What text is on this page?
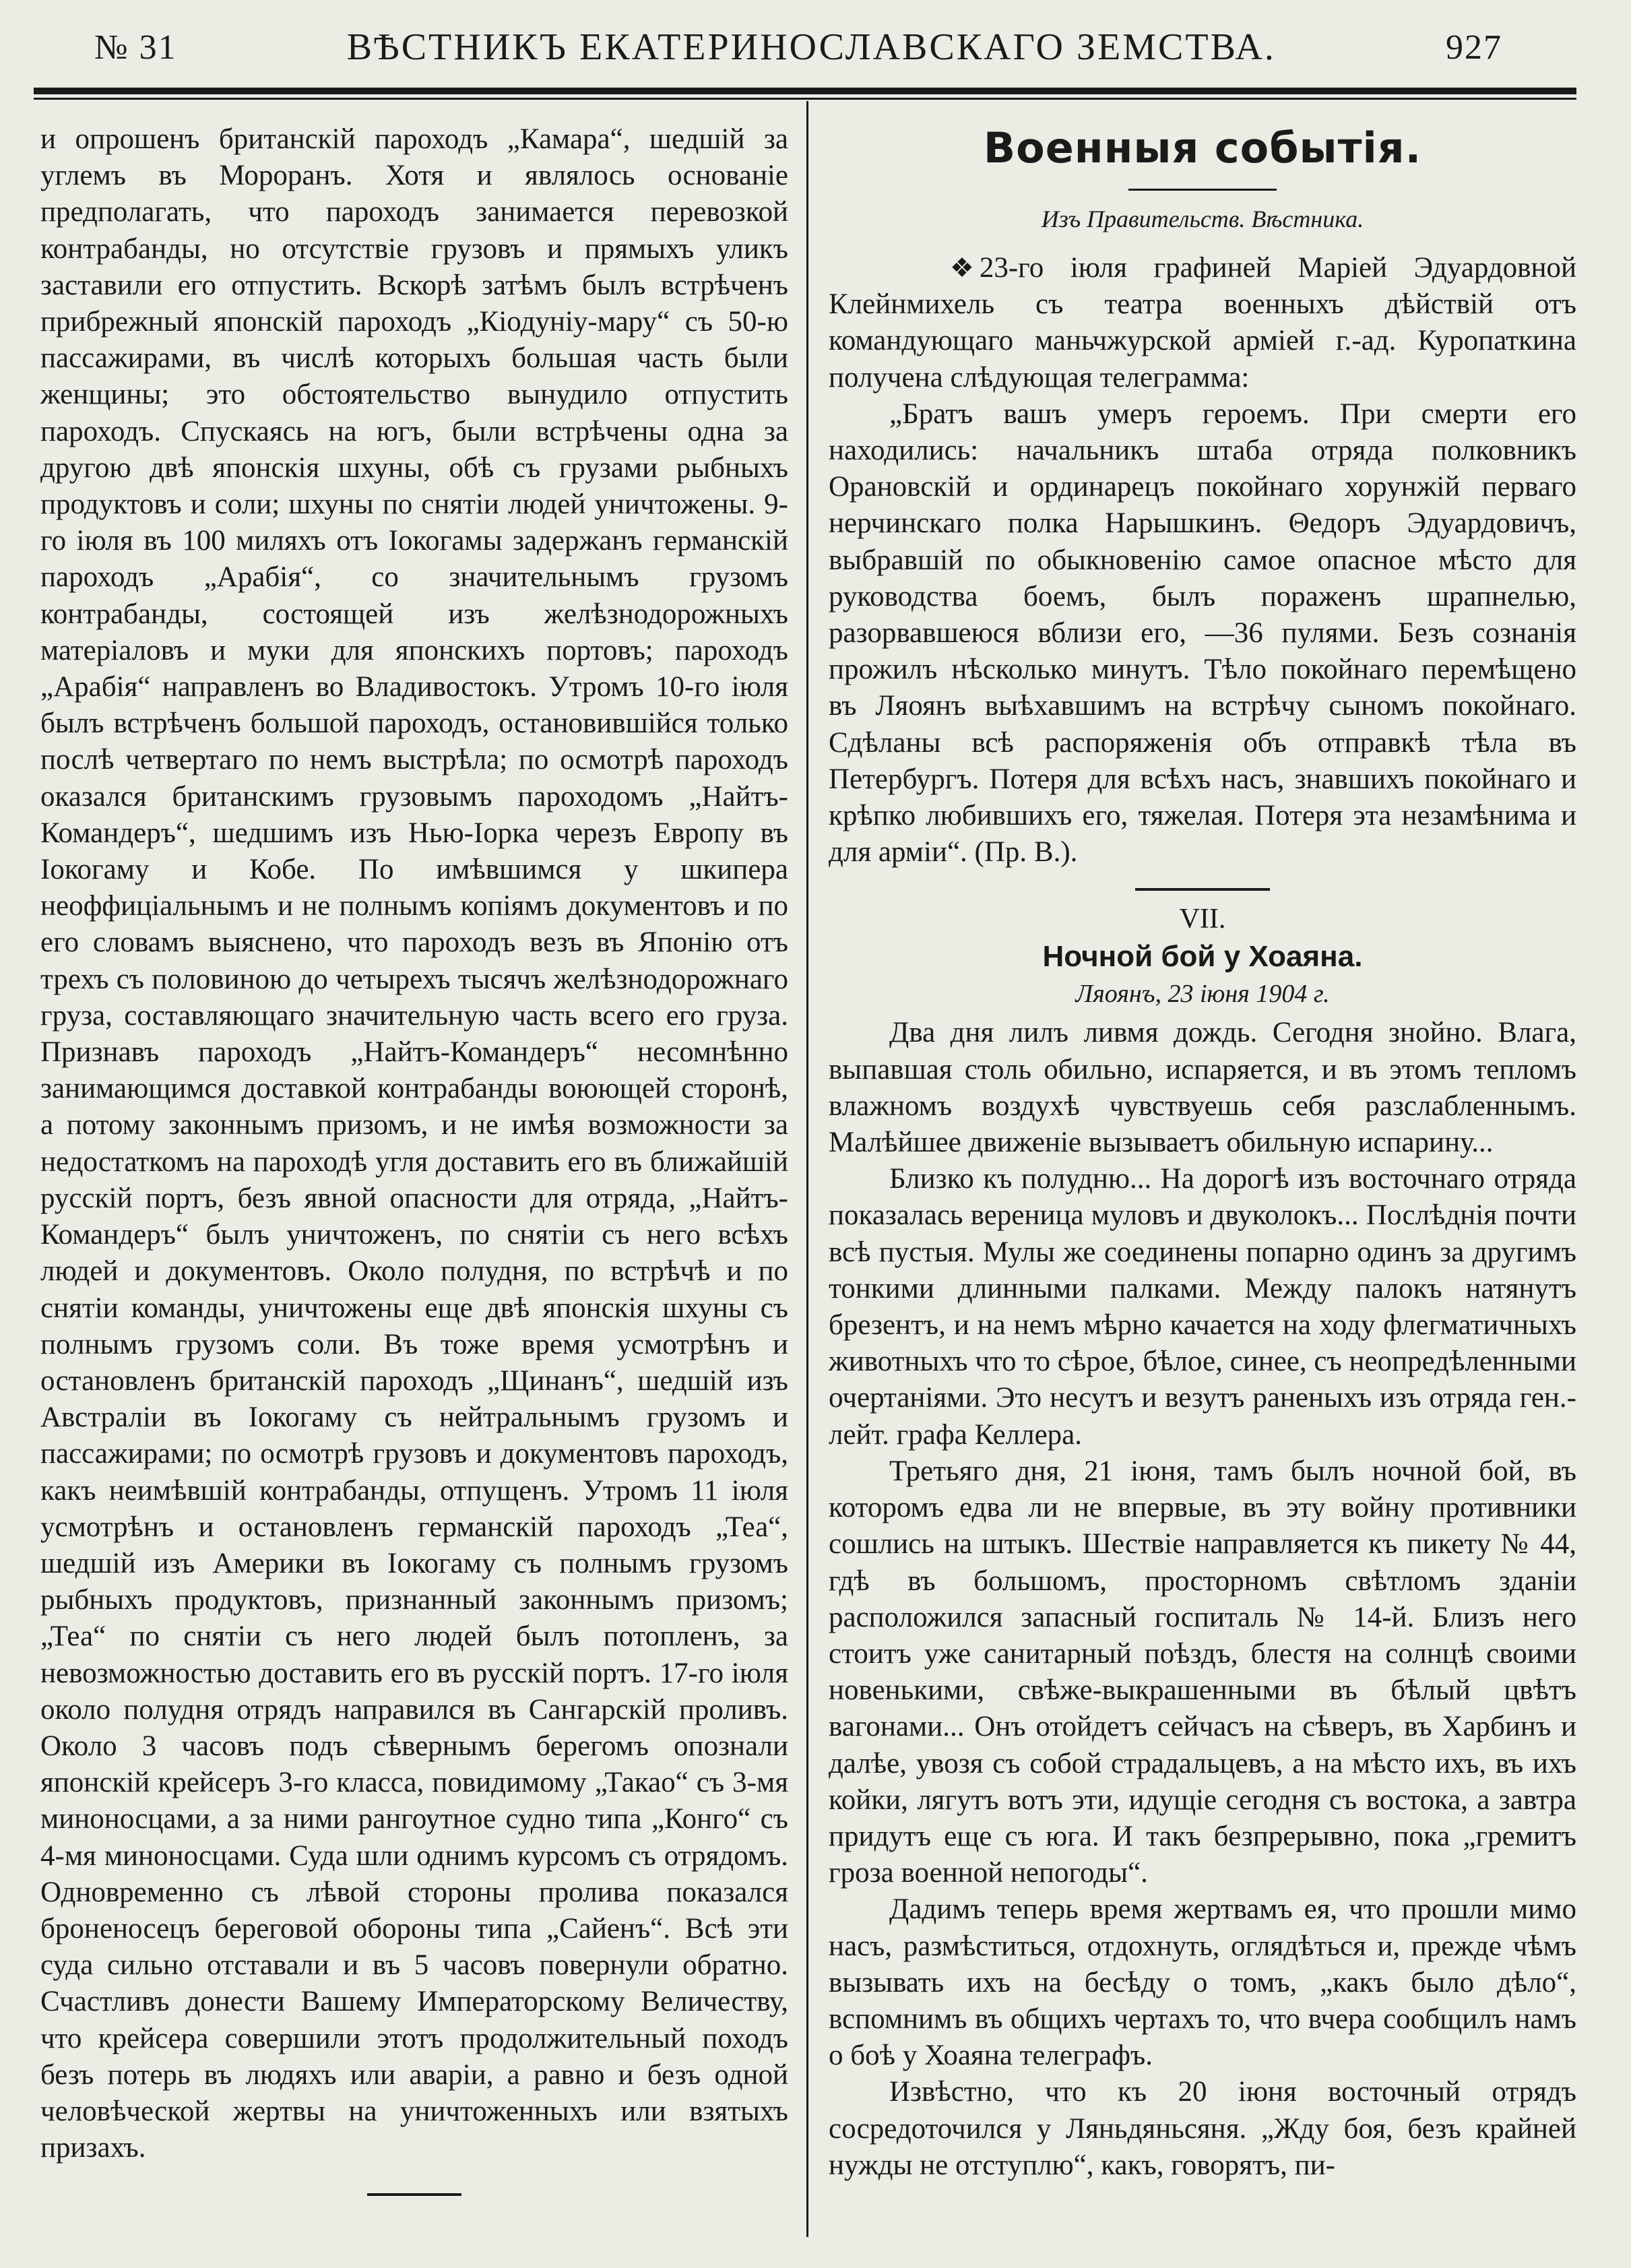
№ 31	ВѢСТНИКЪ ЕКАТЕРИНОСЛАВСКАГО ЗЕМСТВА.	927

и опрошенъ британскій пароходъ „Камара“, шедшій за углемъ въ Мороранъ. Хотя и являлось основаніе предполагать, что пароходъ занимается перевозкой контрабанды, но отсутствіе грузовъ и прямыхъ уликъ заставили его отпустить. Вскорѣ затѣмъ былъ встрѣченъ прибрежный японскій пароходъ „Кіодуніу-мару“ съ 50-ю пассажирами, въ числѣ которыхъ большая часть были женщины; это обстоятельство вынудило отпустить пароходъ. Спускаясь на югъ, были встрѣчены одна за другою двѣ японскія шхуны, обѣ съ грузами рыбныхъ продуктовъ и соли; шхуны по снятіи людей уничтожены. 9-го іюля въ 100 миляхъ отъ Іокогамы задержанъ германскій пароходъ „Арабія“, со значительнымъ грузомъ контрабанды, состоящей изъ желѣзнодорожныхъ матеріаловъ и муки для японскихъ портовъ; пароходъ „Арабія“ направленъ во Владивостокъ. Утромъ 10-го іюля былъ встрѣченъ большой пароходъ, остановившійся только послѣ четвертаго по немъ выстрѣла; по осмотрѣ пароходъ оказался британскимъ грузовымъ пароходомъ „Найтъ-Командеръ“, шедшимъ изъ Нью-Іорка черезъ Европу въ Іокогаму и Кобе. По имѣвшимся у шкипера неоффиціальнымъ и не полнымъ копіямъ документовъ и по его словамъ выяснено, что пароходъ везъ въ Японію отъ трехъ съ половиною до четырехъ тысячъ желѣзнодорожнаго груза, составляющаго значительную часть всего его груза. Признавъ пароходъ „Найтъ-Командеръ“ несомнѣнно занимающимся доставкой контрабанды воюющей сторонѣ, а потому законнымъ призомъ, и не имѣя возможности за недостаткомъ на пароходѣ угля доставить его въ ближайшій русскій портъ, безъ явной опасности для отряда, „Найтъ-Командеръ“ былъ уничтоженъ, по снятіи съ него всѣхъ людей и документовъ. Около полудня, по встрѣчѣ и по снятіи команды, уничтожены еще двѣ японскія шхуны съ полнымъ грузомъ соли. Въ тоже время усмотрѣнъ и остановленъ британскій пароходъ „Щинанъ“, шедшій изъ Австраліи въ Іокогаму съ нейтральнымъ грузомъ и пассажирами; по осмотрѣ грузовъ и документовъ пароходъ, какъ неимѣвшій контрабанды, отпущенъ. Утромъ 11 іюля усмотрѣнъ и остановленъ германскій пароходъ „Теа“, шедшій изъ Америки въ Іокогаму съ полнымъ грузомъ рыбныхъ продуктовъ, признанный законнымъ призомъ; „Теа“ по снятіи съ него людей былъ потопленъ, за невозможностью доставить его въ русскій портъ. 17-го іюля около полудня отрядъ направился въ Сангарскій проливъ. Около 3 часовъ подъ сѣвернымъ берегомъ опознали японскій крейсеръ 3-го класса, повидимому „Такао“ съ 3-мя миноносцами, а за ними рангоутное судно типа „Конго“ съ 4-мя миноносцами. Суда шли однимъ курсомъ съ отрядомъ. Одновременно съ лѣвой стороны пролива показался броненосецъ береговой обороны типа „Сайенъ“. Всѣ эти суда сильно отставали и въ 5 часовъ повернули обратно. Счастливъ донести Вашему Императорскому Величеству, что крейсера совершили этотъ продолжительный походъ безъ потерь въ людяхъ или аваріи, а равно и безъ одной человѣческой жертвы на уничтоженныхъ или взятыхъ призахъ.

Военныя событія.
Изъ Правительств. Вѣстника.

❖ 23-го іюля графиней Маріей Эдуардовной Клейнмихель съ театра военныхъ дѣйствій отъ командующаго маньчжурской арміей г.-ад. Куропаткина получена слѣдующая телеграмма:

„Братъ вашъ умеръ героемъ. При смерти его находились: начальникъ штаба отряда полковникъ Орановскій и ординарецъ покойнаго хорунжій перваго нерчинскаго полка Нарышкинъ. Θедоръ Эдуардовичъ, выбравшій по обыкновенію самое опасное мѣсто для руководства боемъ, былъ пораженъ шрапнелью, разорвавшеюся вблизи его, —36 пулями. Безъ сознанія прожилъ нѣсколько минутъ. Тѣло покойнаго перемѣщено въ Ляоянъ выѣхавшимъ на встрѣчу сыномъ покойнаго. Сдѣланы всѣ распоряженія объ отправкѣ тѣла въ Петербургъ. Потеря для всѣхъ насъ, знавшихъ покойнаго и крѣпко любившихъ его, тяжелая. Потеря эта незамѣнима и для арміи“. (Пр. В.).

VII.
Ночной бой у Хоаяна.
Ляоянъ, 23 іюня 1904 г.

Два дня лилъ ливмя дождь. Сегодня знойно. Влага, выпавшая столь обильно, испаряется, и въ этомъ тепломъ влажномъ воздухѣ чувствуешь себя разслабленнымъ. Малѣйшее движеніе вызываетъ обильную испарину...

Близко къ полудню... На дорогѣ изъ восточнаго отряда показалась вереница муловъ и двуколокъ... Послѣднія почти всѣ пустыя. Мулы же соединены попарно одинъ за другимъ тонкими длинными палками. Между палокъ натянутъ брезентъ, и на немъ мѣрно качается на ходу флегматичныхъ животныхъ что то сѣрое, бѣлое, синее, съ неопредѣленными очертаніями. Это несутъ и везутъ раненыхъ изъ отряда ген.-лейт. графа Келлера.

Третьяго дня, 21 іюня, тамъ былъ ночной бой, въ которомъ едва ли не впервые, въ эту войну противники сошлись на штыкъ. Шествіе направляется къ пикету № 44, гдѣ въ большомъ, просторномъ свѣтломъ зданіи расположился запасный госпиталь № 14-й. Близъ него стоитъ уже санитарный поѣздъ, блестя на солнцѣ своими новенькими, свѣже-выкрашенными въ бѣлый цвѣтъ вагонами... Онъ отойдетъ сейчасъ на сѣверъ, въ Харбинъ и далѣе, увозя съ собой страдальцевъ, а на мѣсто ихъ, въ ихъ койки, лягутъ вотъ эти, идущіе сегодня съ востока, а завтра придутъ еще съ юга. И такъ безпрерывно, пока „гремитъ гроза военной непогоды“.

Дадимъ теперь время жертвамъ ея, что прошли мимо насъ, размѣститься, отдохнуть, оглядѣться и, прежде чѣмъ вызывать ихъ на бесѣду о томъ, „какъ было дѣло“, вспомнимъ въ общихъ чертахъ то, что вчера сообщилъ намъ о боѣ у Хоаяна телеграфъ.

Извѣстно, что къ 20 іюня восточный отрядъ сосредоточился у Ляньдяньсяня. „Жду боя, безъ крайней нужды не отступлю“, какъ, говорятъ, пи-
